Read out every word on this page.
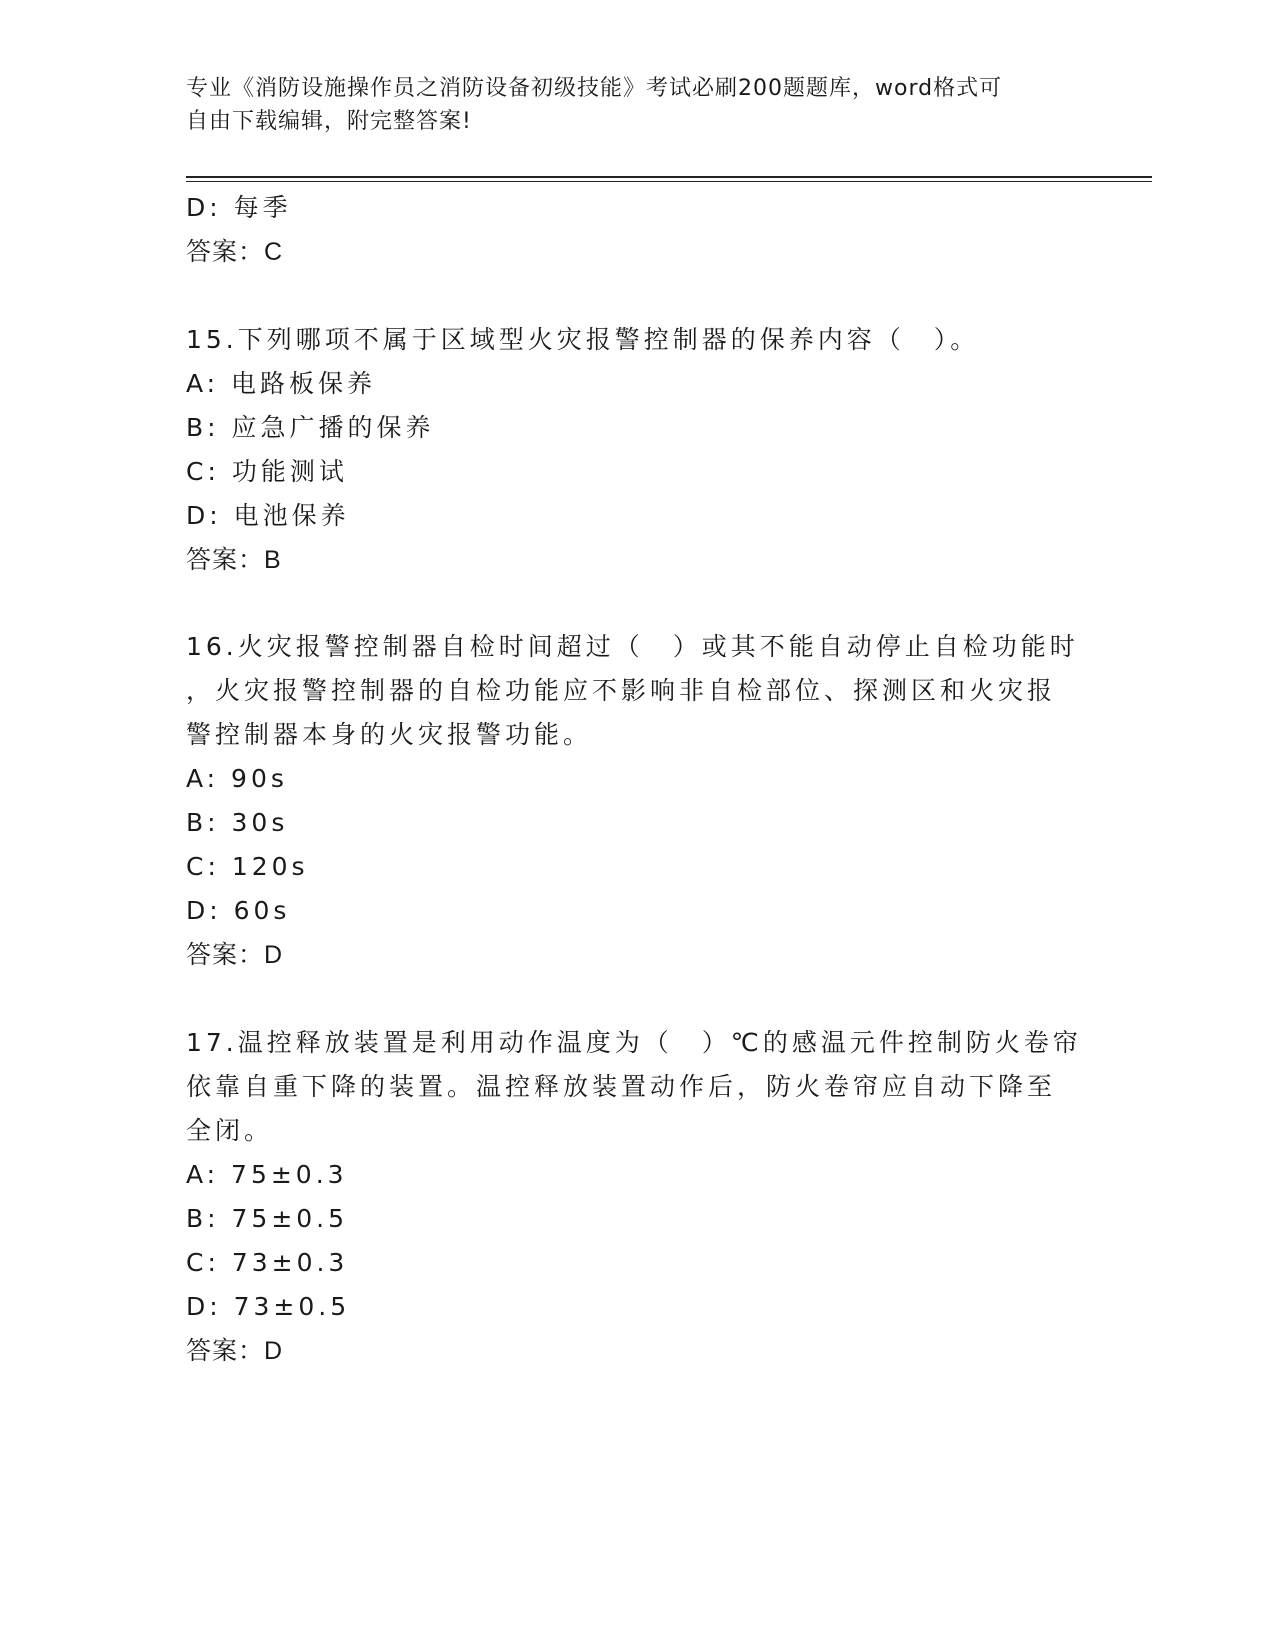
专业《消防设施操作员之消防设备初级技能》考试必刷200题题库，word格式可
自由下载编辑，附完整答案!

D: 每季

答案：C

15.下列哪项不属于区域型火灾报警控制器的保养内容（　）。

A: 电路板保养

B: 应急广播的保养

C: 功能测试

D: 电池保养

答案：B

16.火灾报警控制器自检时间超过（　）或其不能自动停止自检功能时

，火灾报警控制器的自检功能应不影响非自检部位、探测区和火灾报

警控制器本身的火灾报警功能。

A: 90s

B: 30s

C: 120s

D: 60s

答案：D

17.温控释放装置是利用动作温度为（　）℃的感温元件控制防火卷帘

依靠自重下降的装置。温控释放装置动作后，防火卷帘应自动下降至

全闭。

A: 75±0.3

B: 75±0.5

C: 73±0.3

D: 73±0.5

答案：D
